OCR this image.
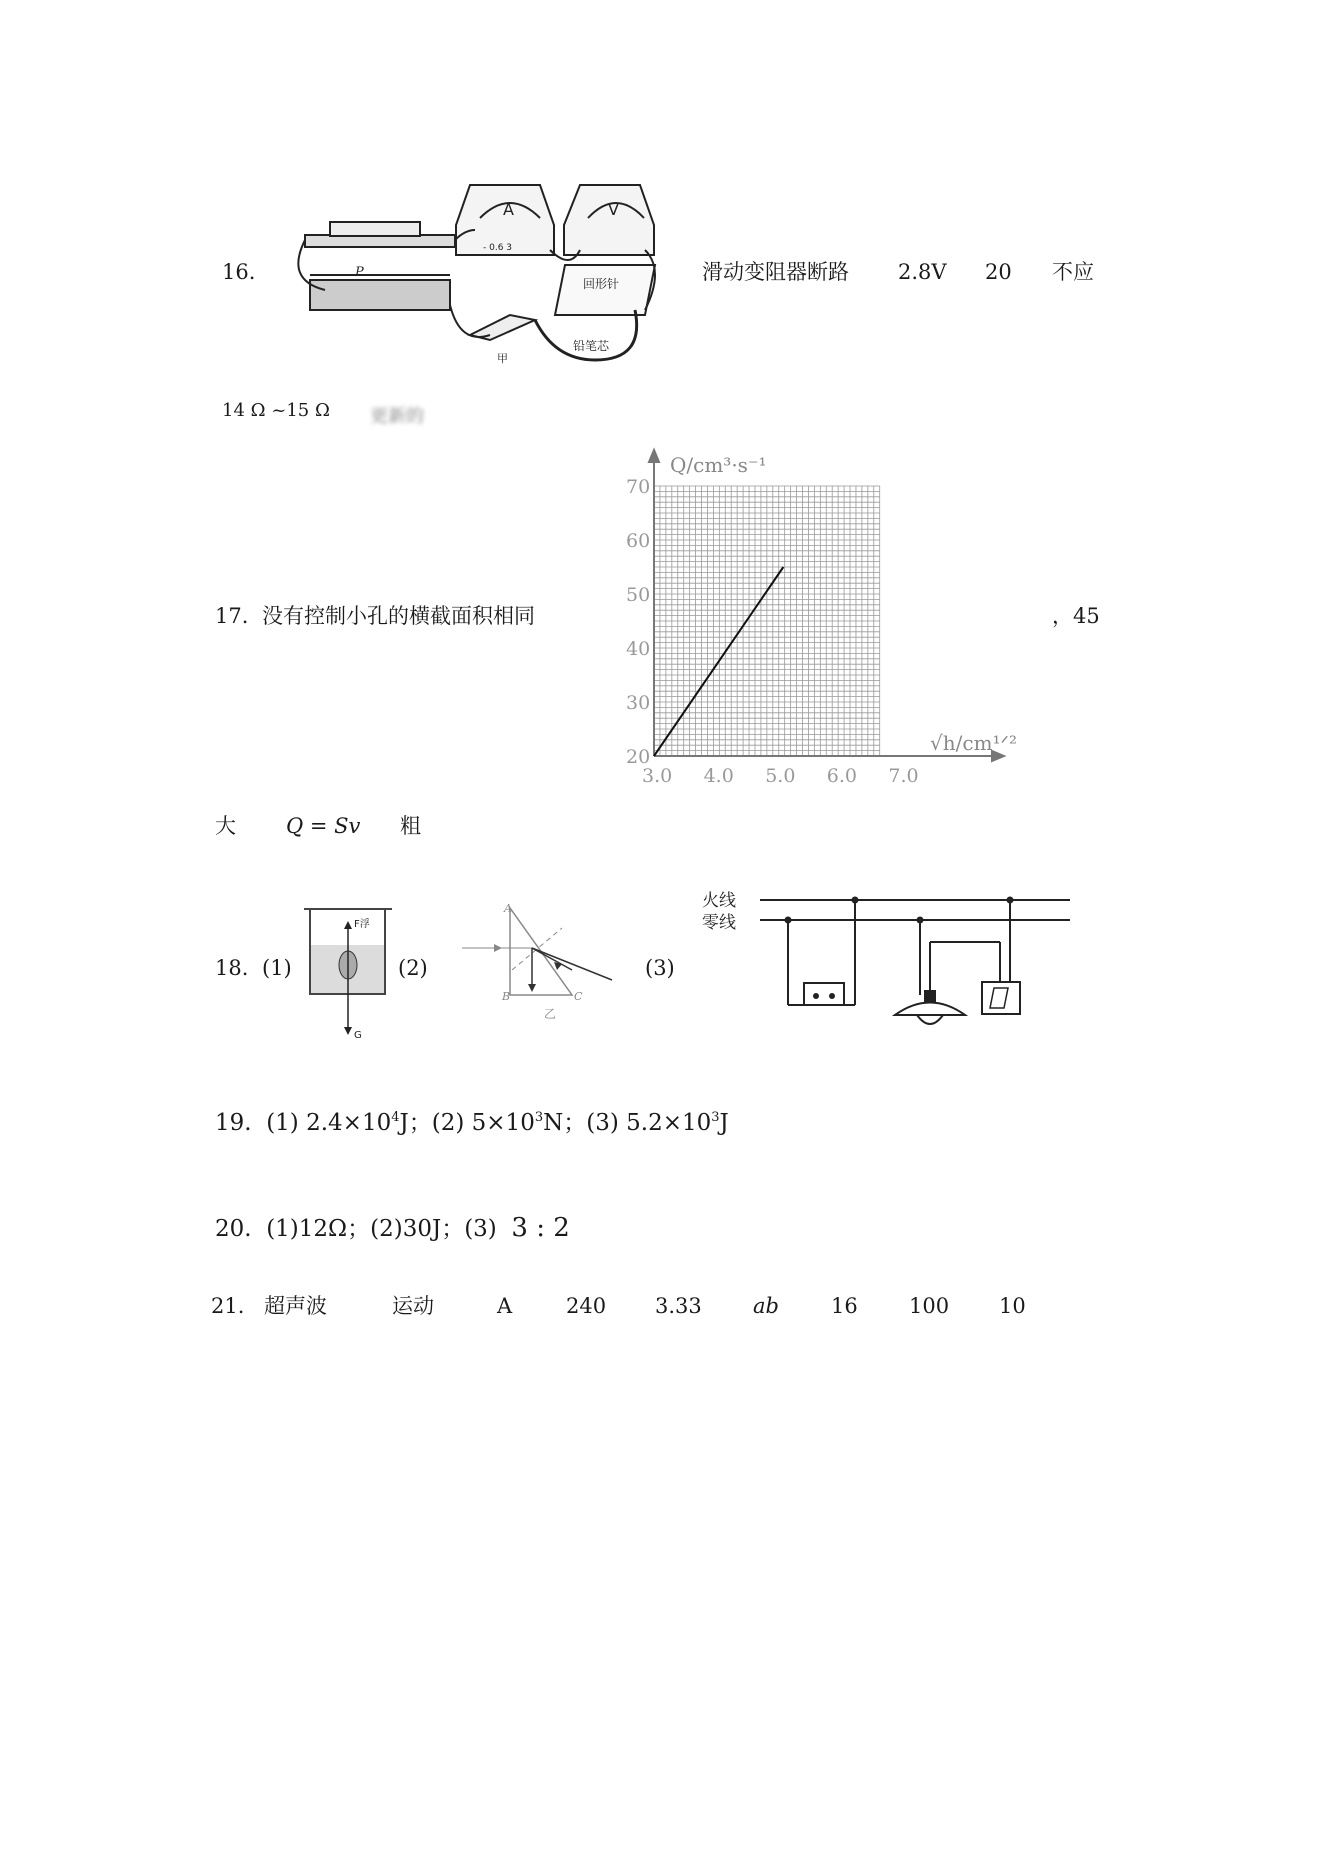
16.
A	V
- 0.6 3
P
甲
回形针
铅笔芯
滑动变阻器断路 2.8V 20 不应
14 Ω ~15 Ω 更新的
17. 没有控制小孔的横截面积相同
3.0 4.0 5.0 6.0 7.0
20
30
40
50
60
70
Q/cm³·s⁻¹
√h/cm¹ᐟ²
，45
大 Q = Sv 粗
18. (1)
F浮
G
(2)
A
B	C
乙
(3)
火线
零线
19. (1) $2.4\times 10^4J$；(2) $5\times 10^3N$；(3) $5.2\times 10^3J$
20. (1)12Ω；(2)30J；(3) 3 : 2
21. 超声波	运动	A	240 3.33 ab 16 100 10
